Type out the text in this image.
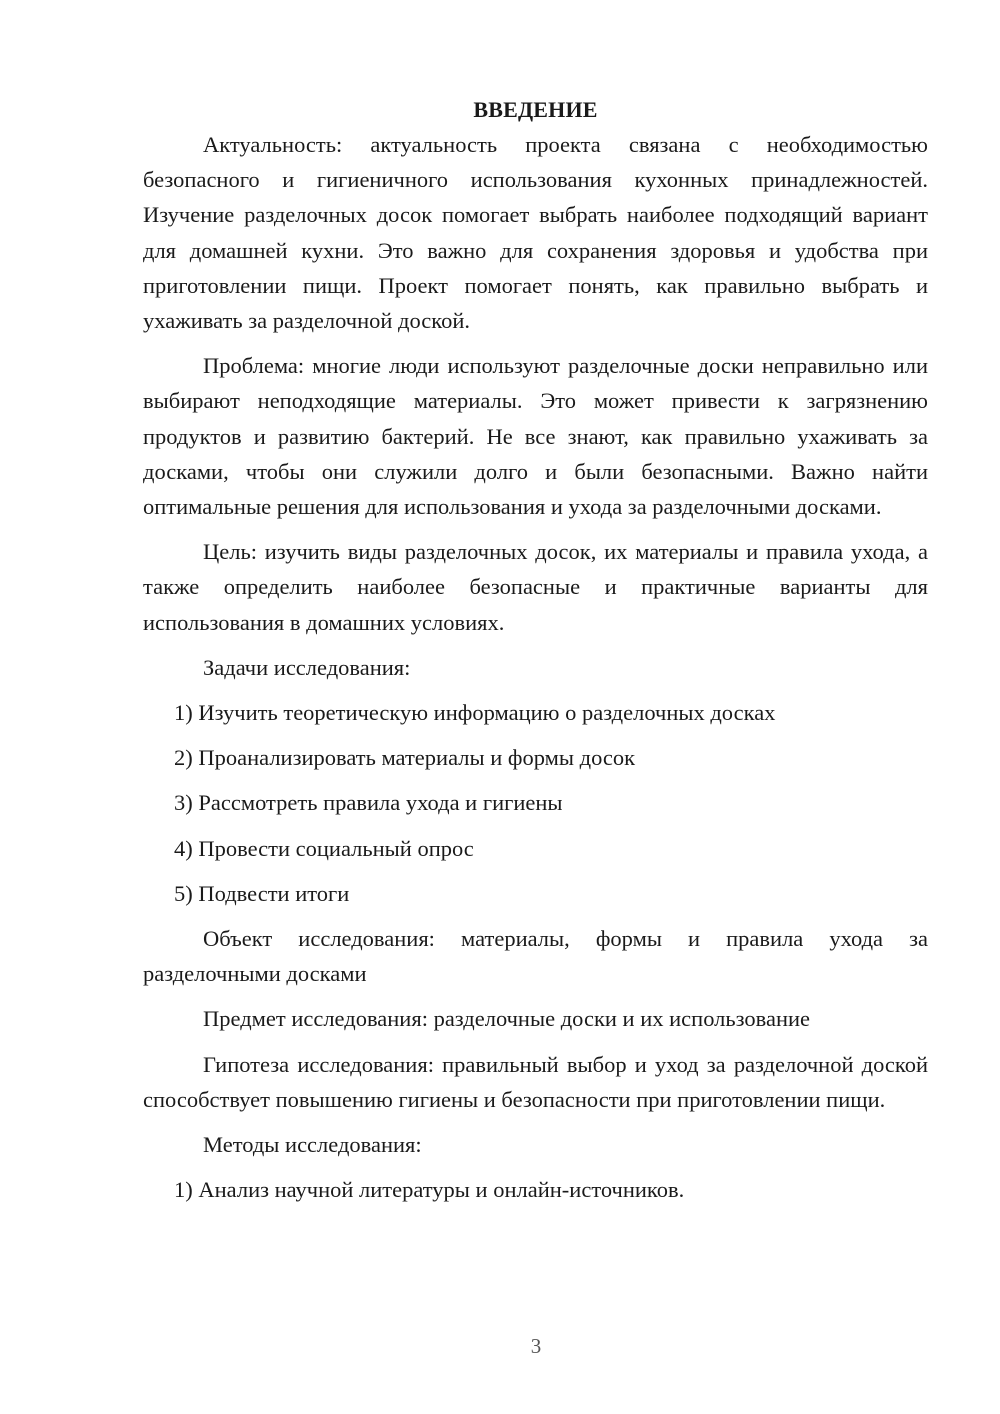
ВВЕДЕНИЕ

Актуальность: актуальность проекта связана с необходимостью безопасного и гигиеничного использования кухонных принадлежностей. Изучение разделочных досок помогает выбрать наиболее подходящий вариант для домашней кухни. Это важно для сохранения здоровья и удобства при приготовлении пищи. Проект помогает понять, как правильно выбрать и ухаживать за разделочной доской.

Проблема: многие люди используют разделочные доски неправильно или выбирают неподходящие материалы. Это может привести к загрязнению продуктов и развитию бактерий. Не все знают, как правильно ухаживать за досками, чтобы они служили долго и были безопасными. Важно найти оптимальные решения для использования и ухода за разделочными досками.

Цель: изучить виды разделочных досок, их материалы и правила ухода, а также определить наиболее безопасные и практичные варианты для использования в домашних условиях.

Задачи исследования:

1) Изучить теоретическую информацию о разделочных досках
2) Проанализировать материалы и формы досок
3) Рассмотреть правила ухода и гигиены
4) Провести социальный опрос
5) Подвести итоги

Объект исследования: материалы, формы и правила ухода за разделочными досками

Предмет исследования: разделочные доски и их использование

Гипотеза исследования: правильный выбор и уход за разделочной доской способствует повышению гигиены и безопасности при приготовлении пищи.

Методы исследования:

1) Анализ научной литературы и онлайн-источников.
3
